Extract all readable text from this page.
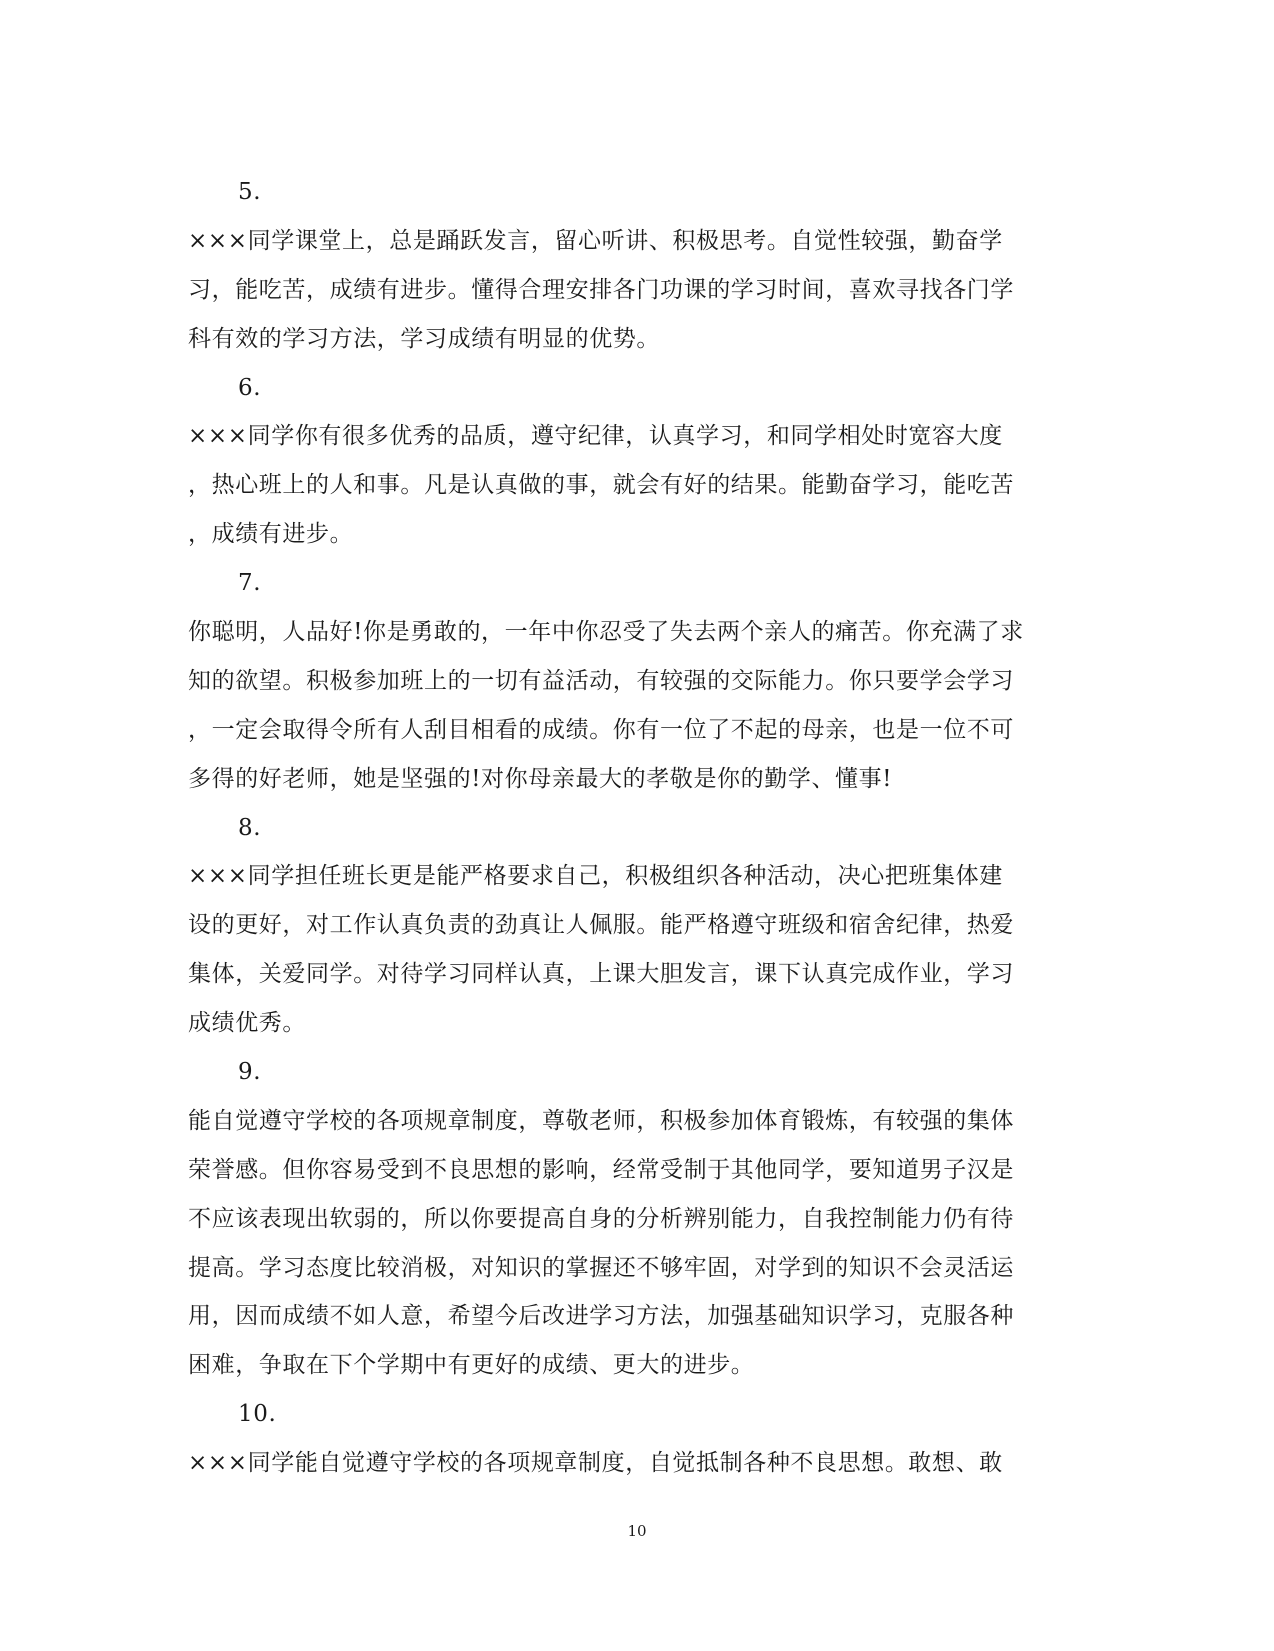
5.
×××同学课堂上，总是踊跃发言，留心听讲、积极思考。自觉性较强，勤奋学
习，能吃苦，成绩有进步。懂得合理安排各门功课的学习时间，喜欢寻找各门学
科有效的学习方法，学习成绩有明显的优势。
6.
×××同学你有很多优秀的品质，遵守纪律，认真学习，和同学相处时宽容大度
，热心班上的人和事。凡是认真做的事，就会有好的结果。能勤奋学习，能吃苦
，成绩有进步。
7.
你聪明，人品好!你是勇敢的，一年中你忍受了失去两个亲人的痛苦。你充满了求
知的欲望。积极参加班上的一切有益活动，有较强的交际能力。你只要学会学习
，一定会取得令所有人刮目相看的成绩。你有一位了不起的母亲，也是一位不可
多得的好老师，她是坚强的!对你母亲最大的孝敬是你的勤学、懂事!
8.
×××同学担任班长更是能严格要求自己，积极组织各种活动，决心把班集体建
设的更好，对工作认真负责的劲真让人佩服。能严格遵守班级和宿舍纪律，热爱
集体，关爱同学。对待学习同样认真，上课大胆发言，课下认真完成作业，学习
成绩优秀。
9.
能自觉遵守学校的各项规章制度，尊敬老师，积极参加体育锻炼，有较强的集体
荣誉感。但你容易受到不良思想的影响，经常受制于其他同学，要知道男子汉是
不应该表现出软弱的，所以你要提高自身的分析辨别能力，自我控制能力仍有待
提高。学习态度比较消极，对知识的掌握还不够牢固，对学到的知识不会灵活运
用，因而成绩不如人意，希望今后改进学习方法，加强基础知识学习，克服各种
困难，争取在下个学期中有更好的成绩、更大的进步。
10.
×××同学能自觉遵守学校的各项规章制度，自觉抵制各种不良思想。敢想、敢
10
